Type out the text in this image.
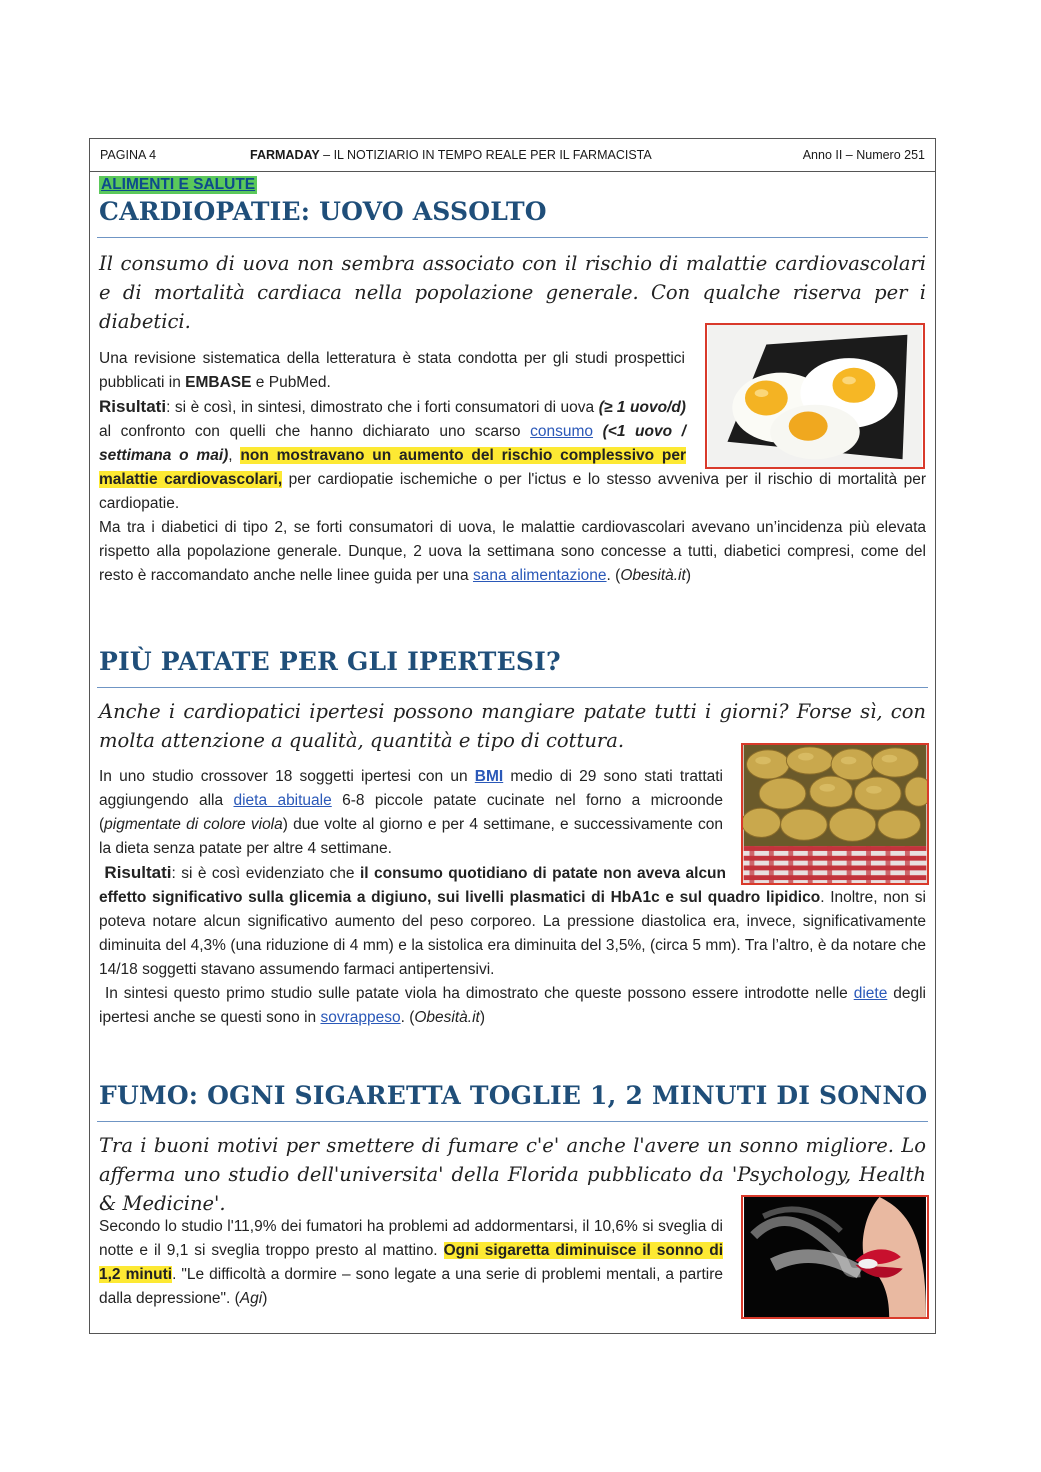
PAGINA 4	FARMADAY – IL NOTIZIARIO IN TEMPO REALE PER IL FARMACISTA	Anno II – Numero 251
ALIMENTI E SALUTE
CARDIOPATIE: UOVO ASSOLTO
Il consumo di uova non sembra associato con il rischio di malattie cardiovascolari e di mortalità cardiaca nella popolazione generale. Con qualche riserva per i diabetici.

Una revisione sistematica della letteratura è stata condotta per gli studi prospettici pubblicati in EMBASE e PubMed.

Risultati: si è così, in sintesi, dimostrato che i forti consumatori di uova (≥ 1 uovo/d) al confronto con quelli che hanno dichiarato uno scarso consumo (<1 uovo / settimana o mai), non mostravano un aumento del rischio complessivo per malattie cardiovascolari, per cardiopatie ischemiche o per l'ictus e lo stesso avveniva per il rischio di mortalità per cardiopatie.

Ma tra i diabetici di tipo 2, se forti consumatori di uova, le malattie cardiovascolari avevano un’incidenza più elevata rispetto alla popolazione generale. Dunque, 2 uova la settimana sono concesse a tutti, diabetici compresi, come del resto è raccomandato anche nelle linee guida per una sana alimentazione. (Obesità.it)

PIÙ PATATE PER GLI IPERTESI?
Anche i cardiopatici ipertesi possono mangiare patate tutti i giorni? Forse sì, con molta attenzione a qualità, quantità e tipo di cottura.

In uno studio crossover 18 soggetti ipertesi con un BMI medio di 29 sono stati trattati aggiungendo alla dieta abituale 6-8 piccole patate cucinate nel forno a microonde (pigmentate di colore viola) due volte al giorno e per 4 settimane, e successivamente con la dieta senza patate per altre 4 settimane.

Risultati: si è così evidenziato che il consumo quotidiano di patate non aveva alcun effetto significativo sulla glicemia a digiuno, sui livelli plasmatici di HbA1c e sul quadro lipidico. Inoltre, non si poteva notare alcun significativo aumento del peso corporeo. La pressione diastolica era, invece, significativamente diminuita del 4,3% (una riduzione di 4 mm) e la sistolica era diminuita del 3,5%, (circa 5 mm). Tra l’altro, è da notare che 14/18 soggetti stavano assumendo farmaci antipertensivi.

In sintesi questo primo studio sulle patate viola ha dimostrato che queste possono essere introdotte nelle diete degli ipertesi anche se questi sono in sovrappeso. (Obesità.it)

FUMO: OGNI SIGARETTA TOGLIE 1, 2 MINUTI DI SONNO
Tra i buoni motivi per smettere di fumare c'e' anche l'avere un sonno migliore. Lo afferma uno studio dell'universita' della Florida pubblicato da 'Psychology, Health & Medicine'.

Secondo lo studio l'11,9% dei fumatori ha problemi ad addormentarsi, il 10,6% si sveglia di notte e il 9,1 si sveglia troppo presto al mattino. Ogni sigaretta diminuisce il sonno di 1,2 minuti. "Le difficoltà a dormire – sono legate a una serie di problemi mentali, a partire dalla depressione". (Agi)
